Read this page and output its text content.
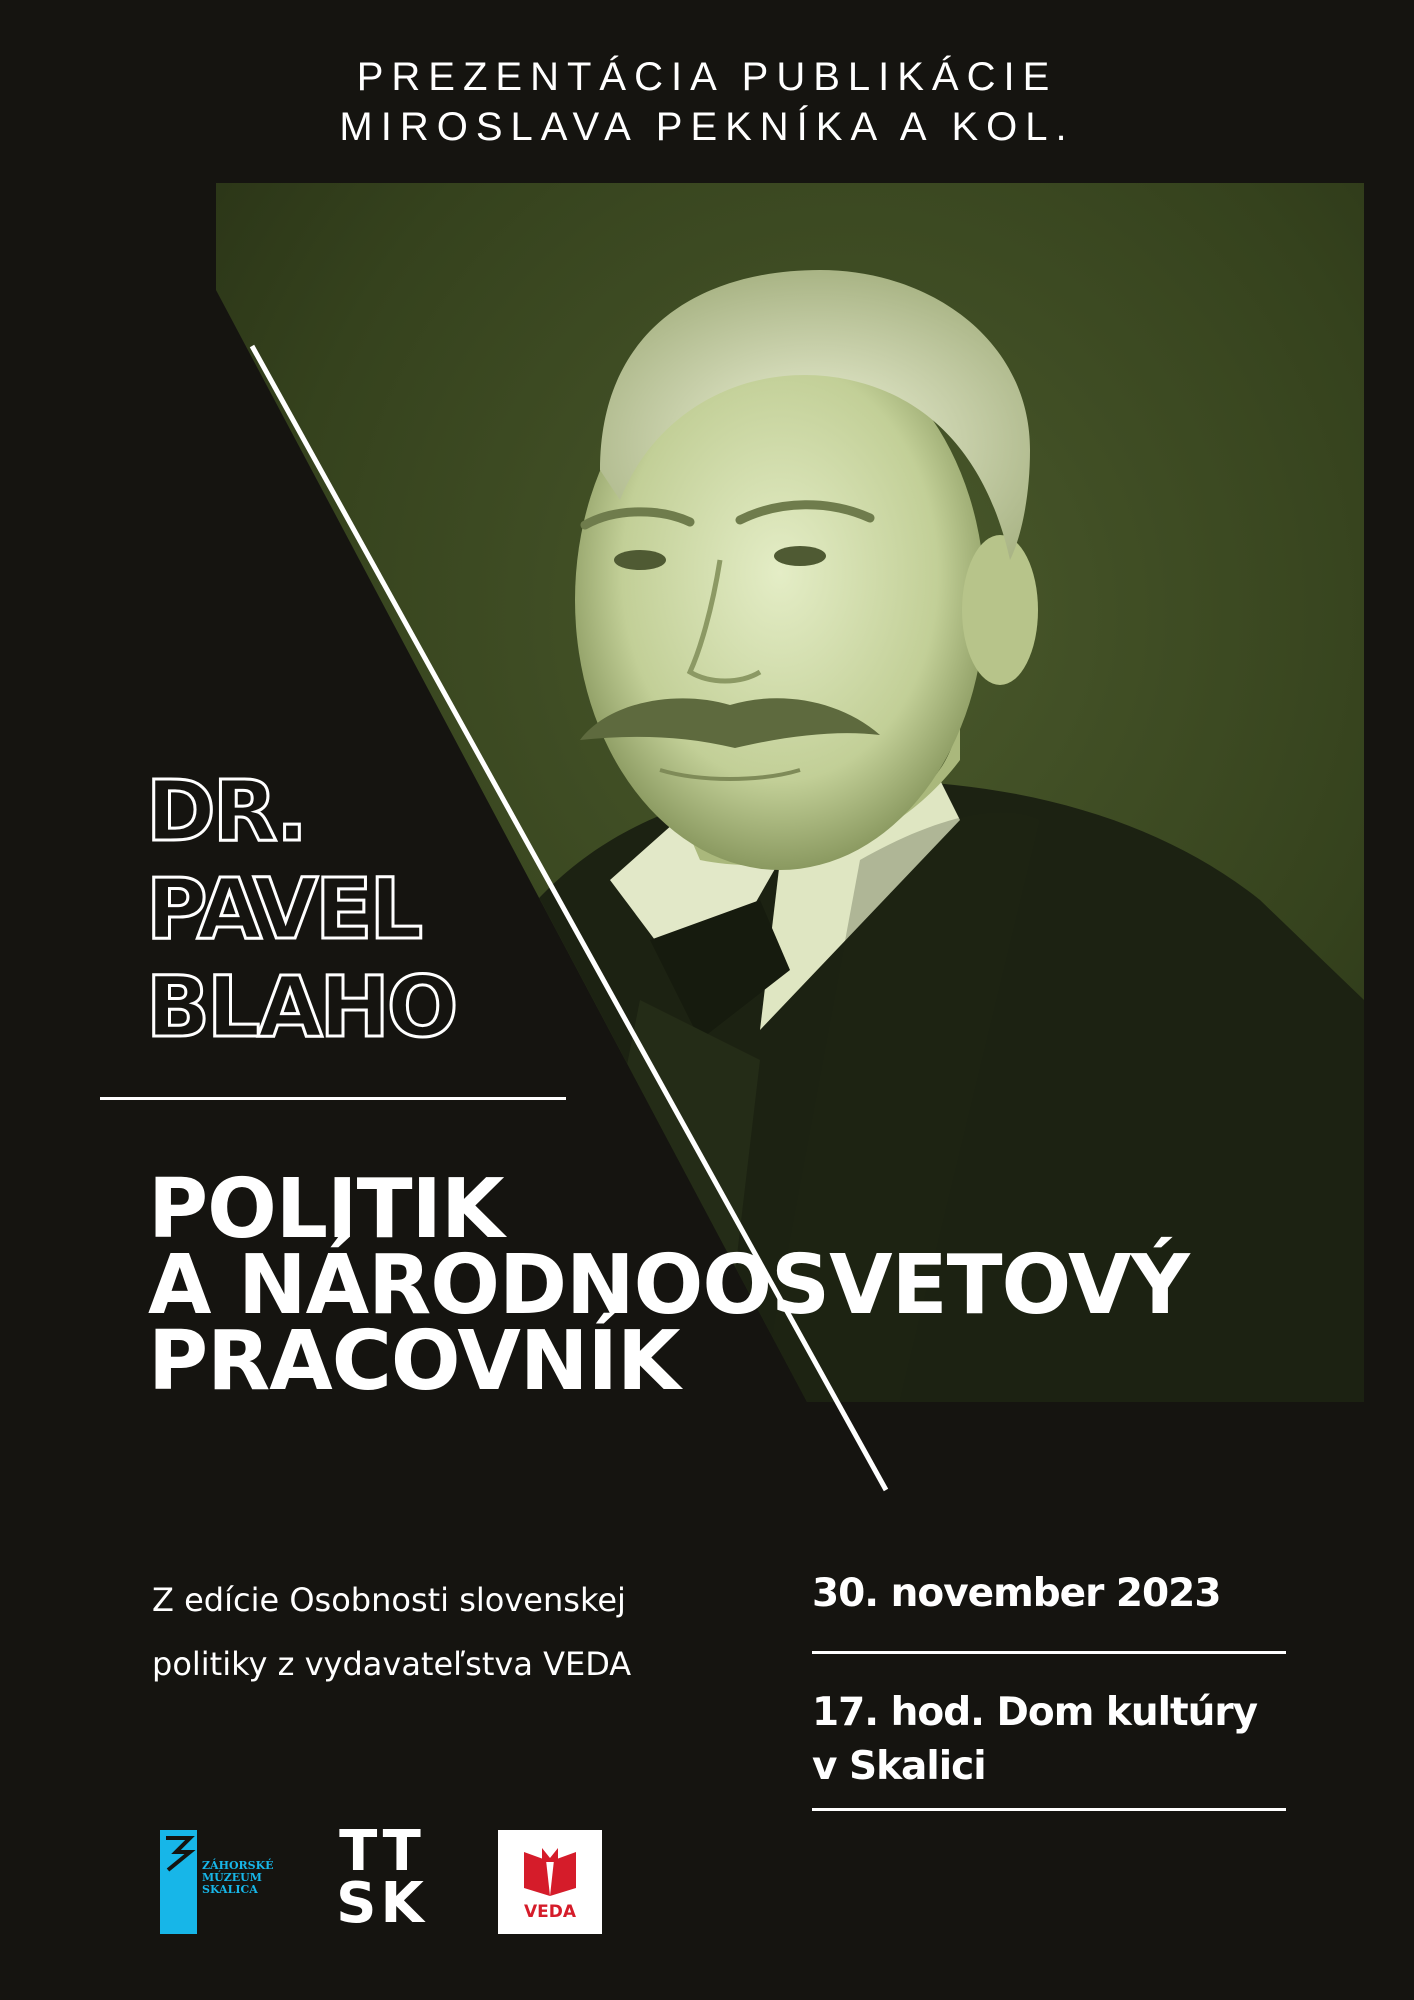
PREZENTÁCIA PUBLIKÁCIE
MIROSLAVA PEKNÍKA A KOL.
DR.
PAVEL
BLAHO
POLITIK
A NÁRODNOOSVETOVÝ
PRACOVNÍK
Z edície Osobnosti slovenskej
politiky z vydavateľstva VEDA
30. november 2023
17. hod. Dom kultúry
v Skalici
ZÁHORSKÉ
MÚZEUM
SKALICA
TT
SK	VEDA
